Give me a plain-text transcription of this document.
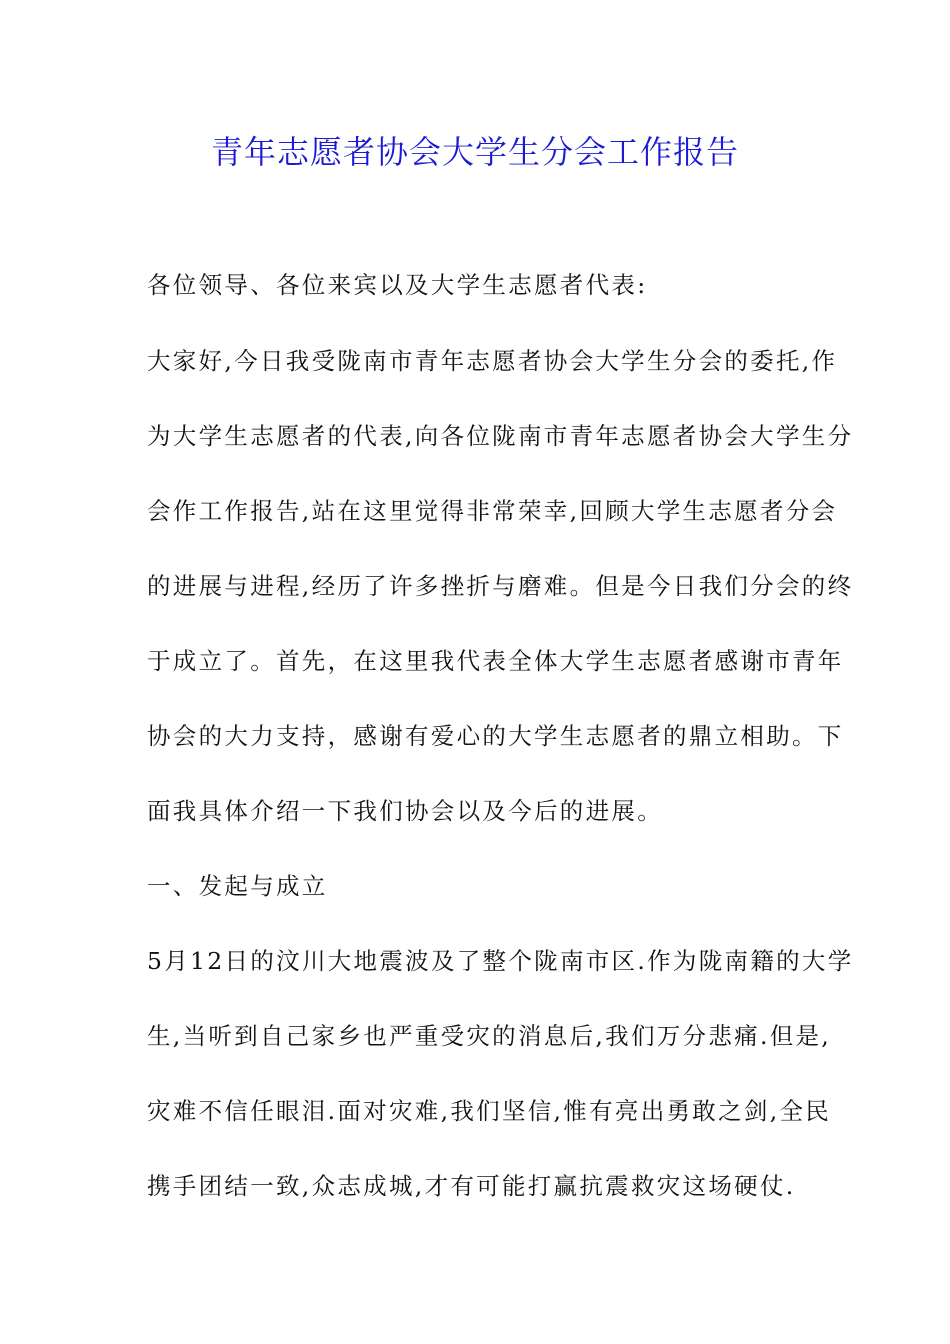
青年志愿者协会大学生分会工作报告
各位领导、各位来宾以及大学生志愿者代表:
大家好,今日我受陇南市青年志愿者协会大学生分会的委托,作
为大学生志愿者的代表,向各位陇南市青年志愿者协会大学生分
会作工作报告,站在这里觉得非常荣幸,回顾大学生志愿者分会
的进展与进程,经历了许多挫折与磨难。但是今日我们分会的终
于成立了。首先，在这里我代表全体大学生志愿者感谢市青年
协会的大力支持，感谢有爱心的大学生志愿者的鼎立相助。下
面我具体介绍一下我们协会以及今后的进展。
一、发起与成立
5月12日的汶川大地震波及了整个陇南市区.作为陇南籍的大学
生,当听到自己家乡也严重受灾的消息后,我们万分悲痛.但是,
灾难不信任眼泪.面对灾难,我们坚信,惟有亮出勇敢之剑,全民
携手团结一致,众志成城,才有可能打赢抗震救灾这场硬仗.
